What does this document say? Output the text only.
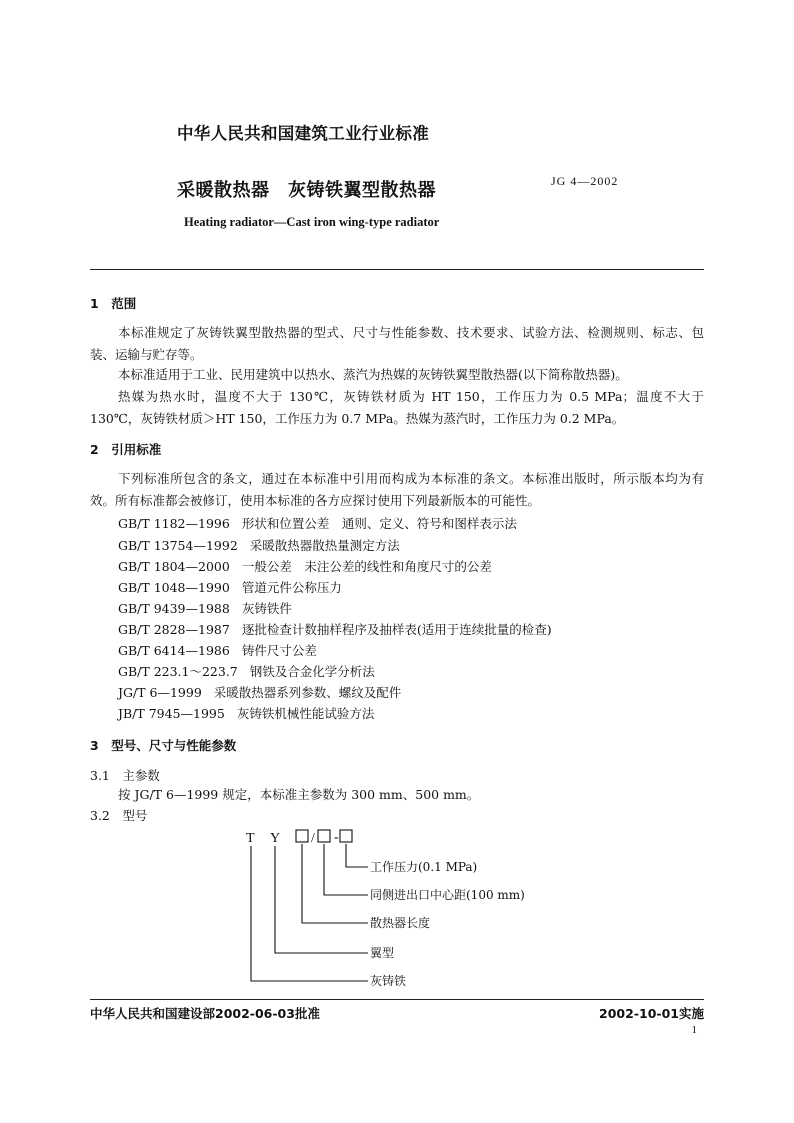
中华人民共和国建筑工业行业标准
采暖散热器　灰铸铁翼型散热器	JG 4—2002
Heating radiator—Cast iron wing-type radiator
1　范围
本标准规定了灰铸铁翼型散热器的型式、尺寸与性能参数、技术要求、试验方法、检测规则、标志、包装、运输与贮存等。
本标准适用于工业、民用建筑中以热水、蒸汽为热媒的灰铸铁翼型散热器(以下简称散热器)。
热媒为热水时，温度不大于 130℃，灰铸铁材质为 HT 150，工作压力为 0.5 MPa；温度不大于 130℃，灰铸铁材质＞HT 150，工作压力为 0.7 MPa。热媒为蒸汽时，工作压力为 0.2 MPa。
2　引用标准
下列标准所包含的条文，通过在本标准中引用而构成为本标准的条文。本标准出版时，所示版本均为有效。所有标准都会被修订，使用本标准的各方应探讨使用下列最新版本的可能性。
GB/T 1182—1996 形状和位置公差　通则、定义、符号和图样表示法
GB/T 13754—1992 采暖散热器散热量测定方法
GB/T 1804—2000 一般公差　未注公差的线性和角度尺寸的公差
GB/T 1048—1990 管道元件公称压力
GB/T 9439—1988 灰铸铁件
GB/T 2828—1987 逐批检查计数抽样程序及抽样表(适用于连续批量的检查)
GB/T 6414—1986 铸件尺寸公差
GB/T 223.1～223.7 钢铁及合金化学分析法
JG/T 6—1999 采暖散热器系列参数、螺纹及配件
JB/T 7945—1995 灰铸铁机械性能试验方法
3　型号、尺寸与性能参数
3.1　主参数
按 JG/T 6—1999 规定，本标准主参数为 300 mm、500 mm。
3.2　型号
T Y / -
工作压力(0.1 MPa)
同侧进出口中心距(100 mm)
散热器长度
翼型
灰铸铁
中华人民共和国建设部2002-06-03批准	2002-10-01实施
1
